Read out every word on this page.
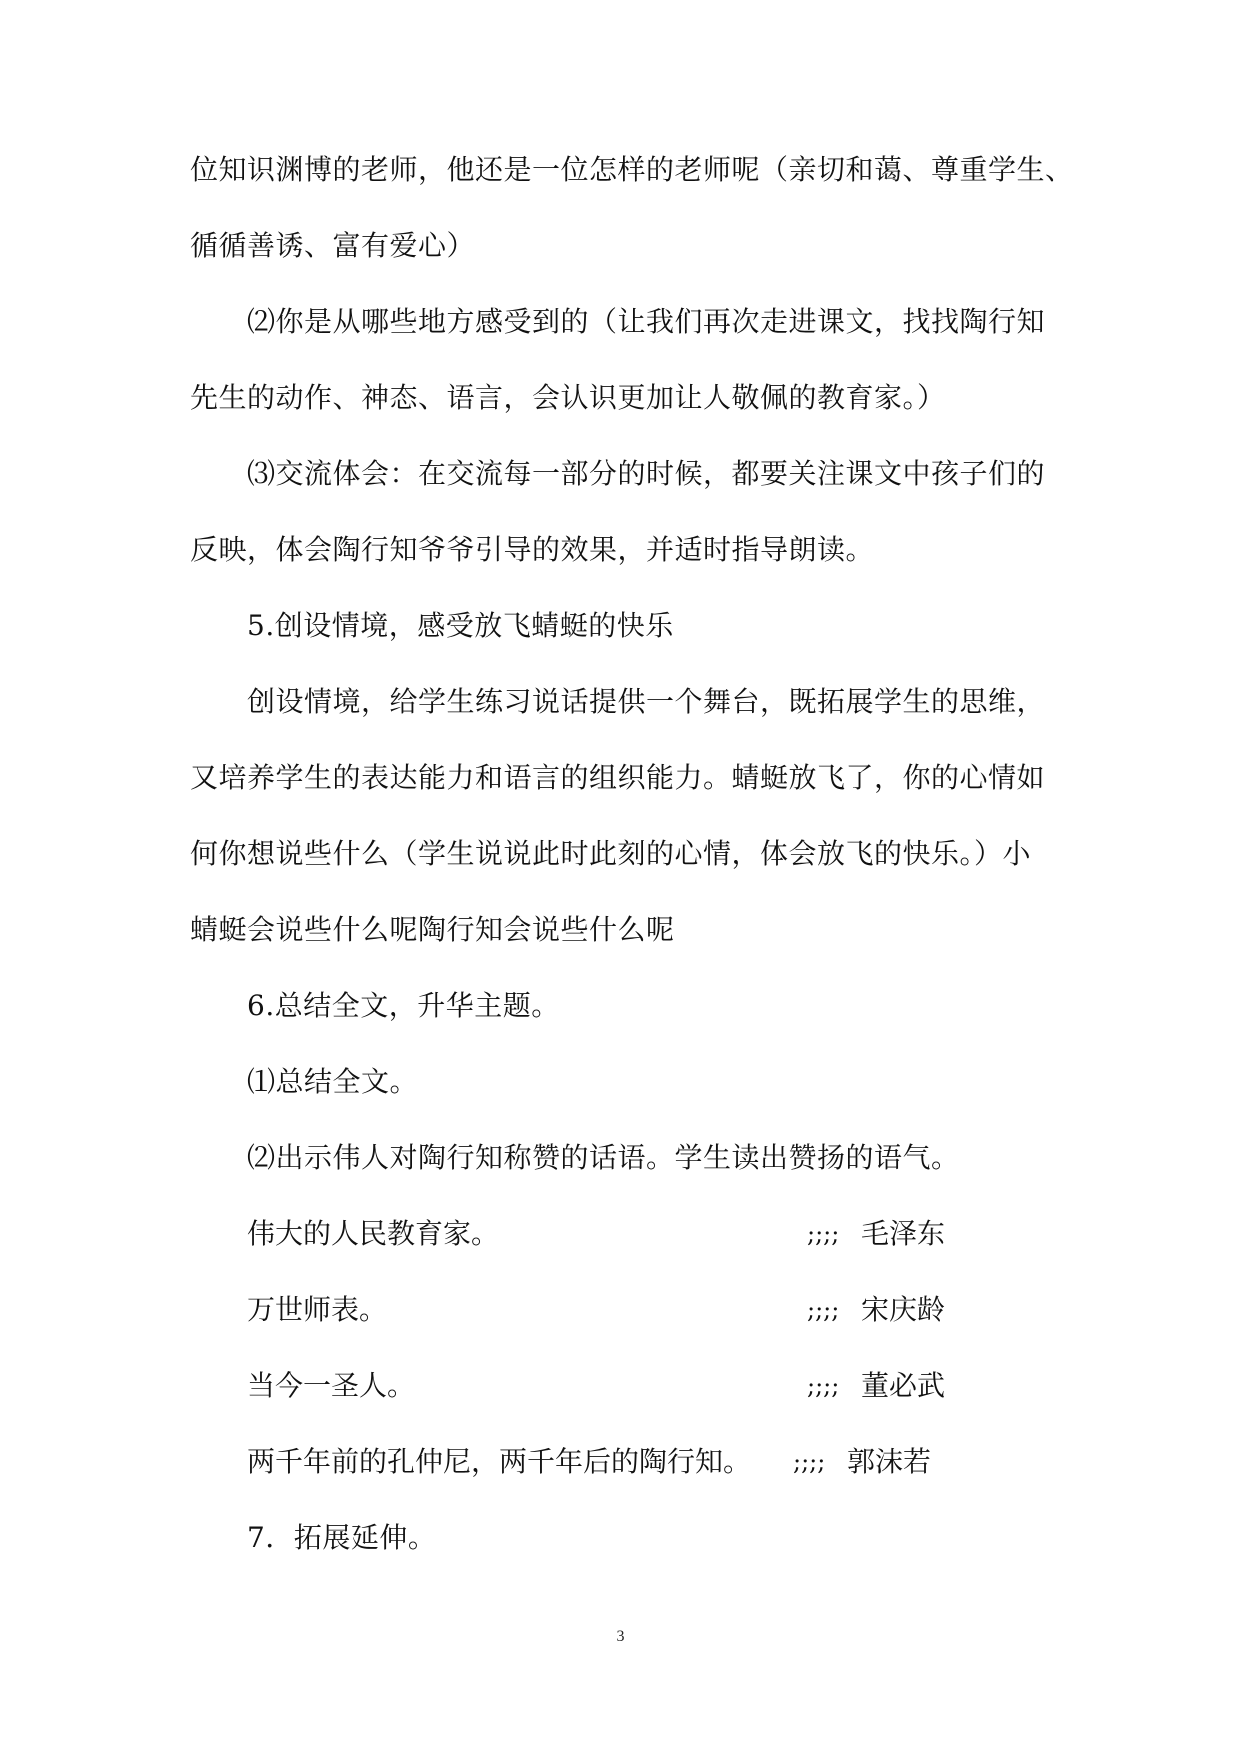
位知识渊博的老师，他还是一位怎样的老师呢（亲切和蔼、尊重学生、
循循善诱、富有爱心）
⑵你是从哪些地方感受到的（让我们再次走进课文，找找陶行知
先生的动作、神态、语言，会认识更加让人敬佩的教育家。）
⑶交流体会：在交流每一部分的时候，都要关注课文中孩子们的
反映，体会陶行知爷爷引导的效果，并适时指导朗读。
5.创设情境，感受放飞蜻蜓的快乐
创设情境，给学生练习说话提供一个舞台，既拓展学生的思维，
又培养学生的表达能力和语言的组织能力。蜻蜓放飞了，你的心情如
何你想说些什么（学生说说此时此刻的心情，体会放飞的快乐。）小
蜻蜓会说些什么呢陶行知会说些什么呢
6.总结全文，升华主题。
⑴总结全文。
⑵出示伟人对陶行知称赞的话语。学生读出赞扬的语气。
伟大的人民教育家。	;;;; 毛泽东
万世师表。	;;;; 宋庆龄
当今一圣人。	;;;; 董必武
两千年前的孔仲尼，两千年后的陶行知。 ;;;; 郭沫若
7．拓展延伸。
3
